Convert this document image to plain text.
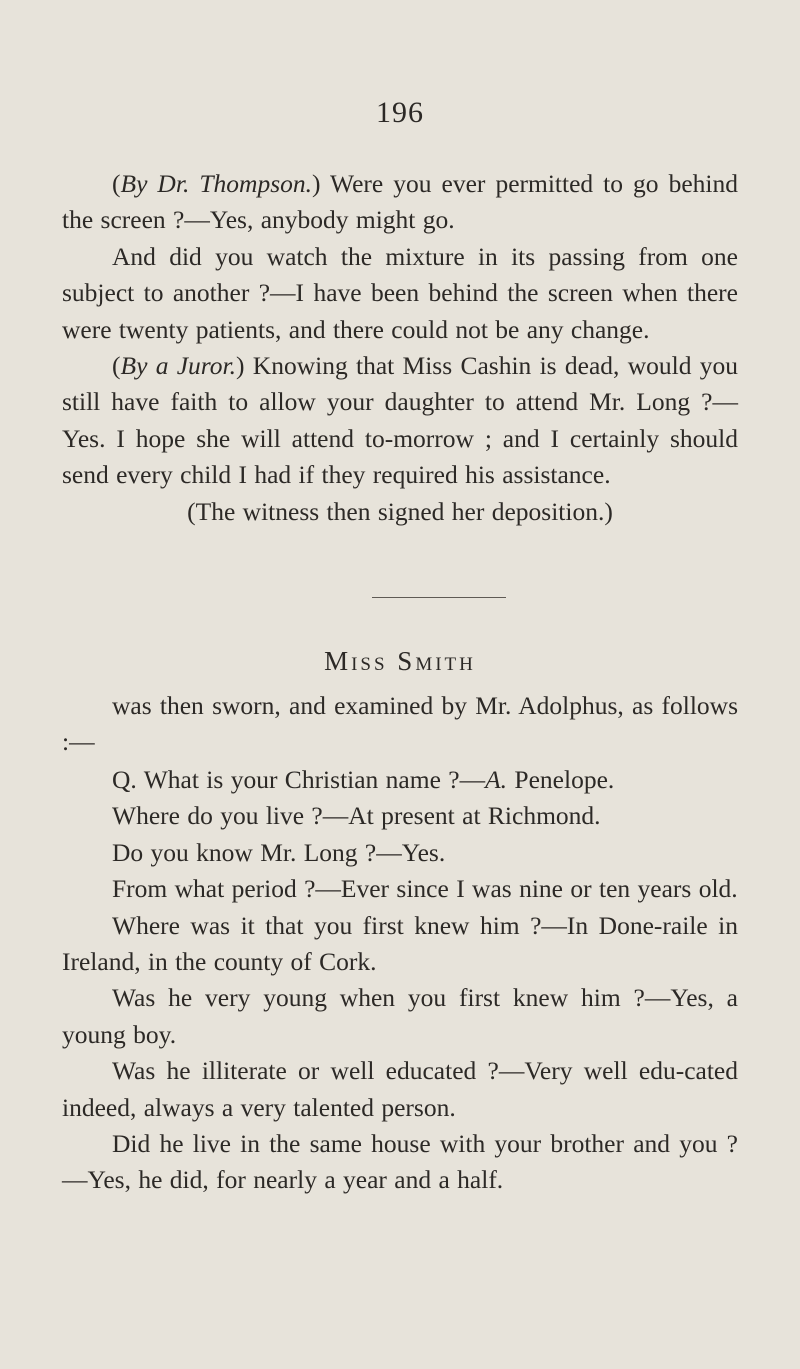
196

(By Dr. Thompson.) Were you ever permitted to go behind the screen ?—Yes, anybody might go.

And did you watch the mixture in its passing from one subject to another ?—I have been behind the screen when there were twenty patients, and there could not be any change.

(By a Juror.) Knowing that Miss Cashin is dead, would you still have faith to allow your daughter to attend Mr. Long ?—Yes. I hope she will attend to-morrow ; and I certainly should send every child I had if they required his assistance.

(The witness then signed her deposition.)

Miss Smith

was then sworn, and examined by Mr. Adolphus, as follows :—

Q. What is your Christian name ?—A. Penelope.

Where do you live ?—At present at Richmond.

Do you know Mr. Long ?—Yes.

From what period ?—Ever since I was nine or ten years old.

Where was it that you first knew him ?—In Done-raile in Ireland, in the county of Cork.

Was he very young when you first knew him ?—Yes, a young boy.

Was he illiterate or well educated ?—Very well edu-cated indeed, always a very talented person.

Did he live in the same house with your brother and you ?—Yes, he did, for nearly a year and a half.
